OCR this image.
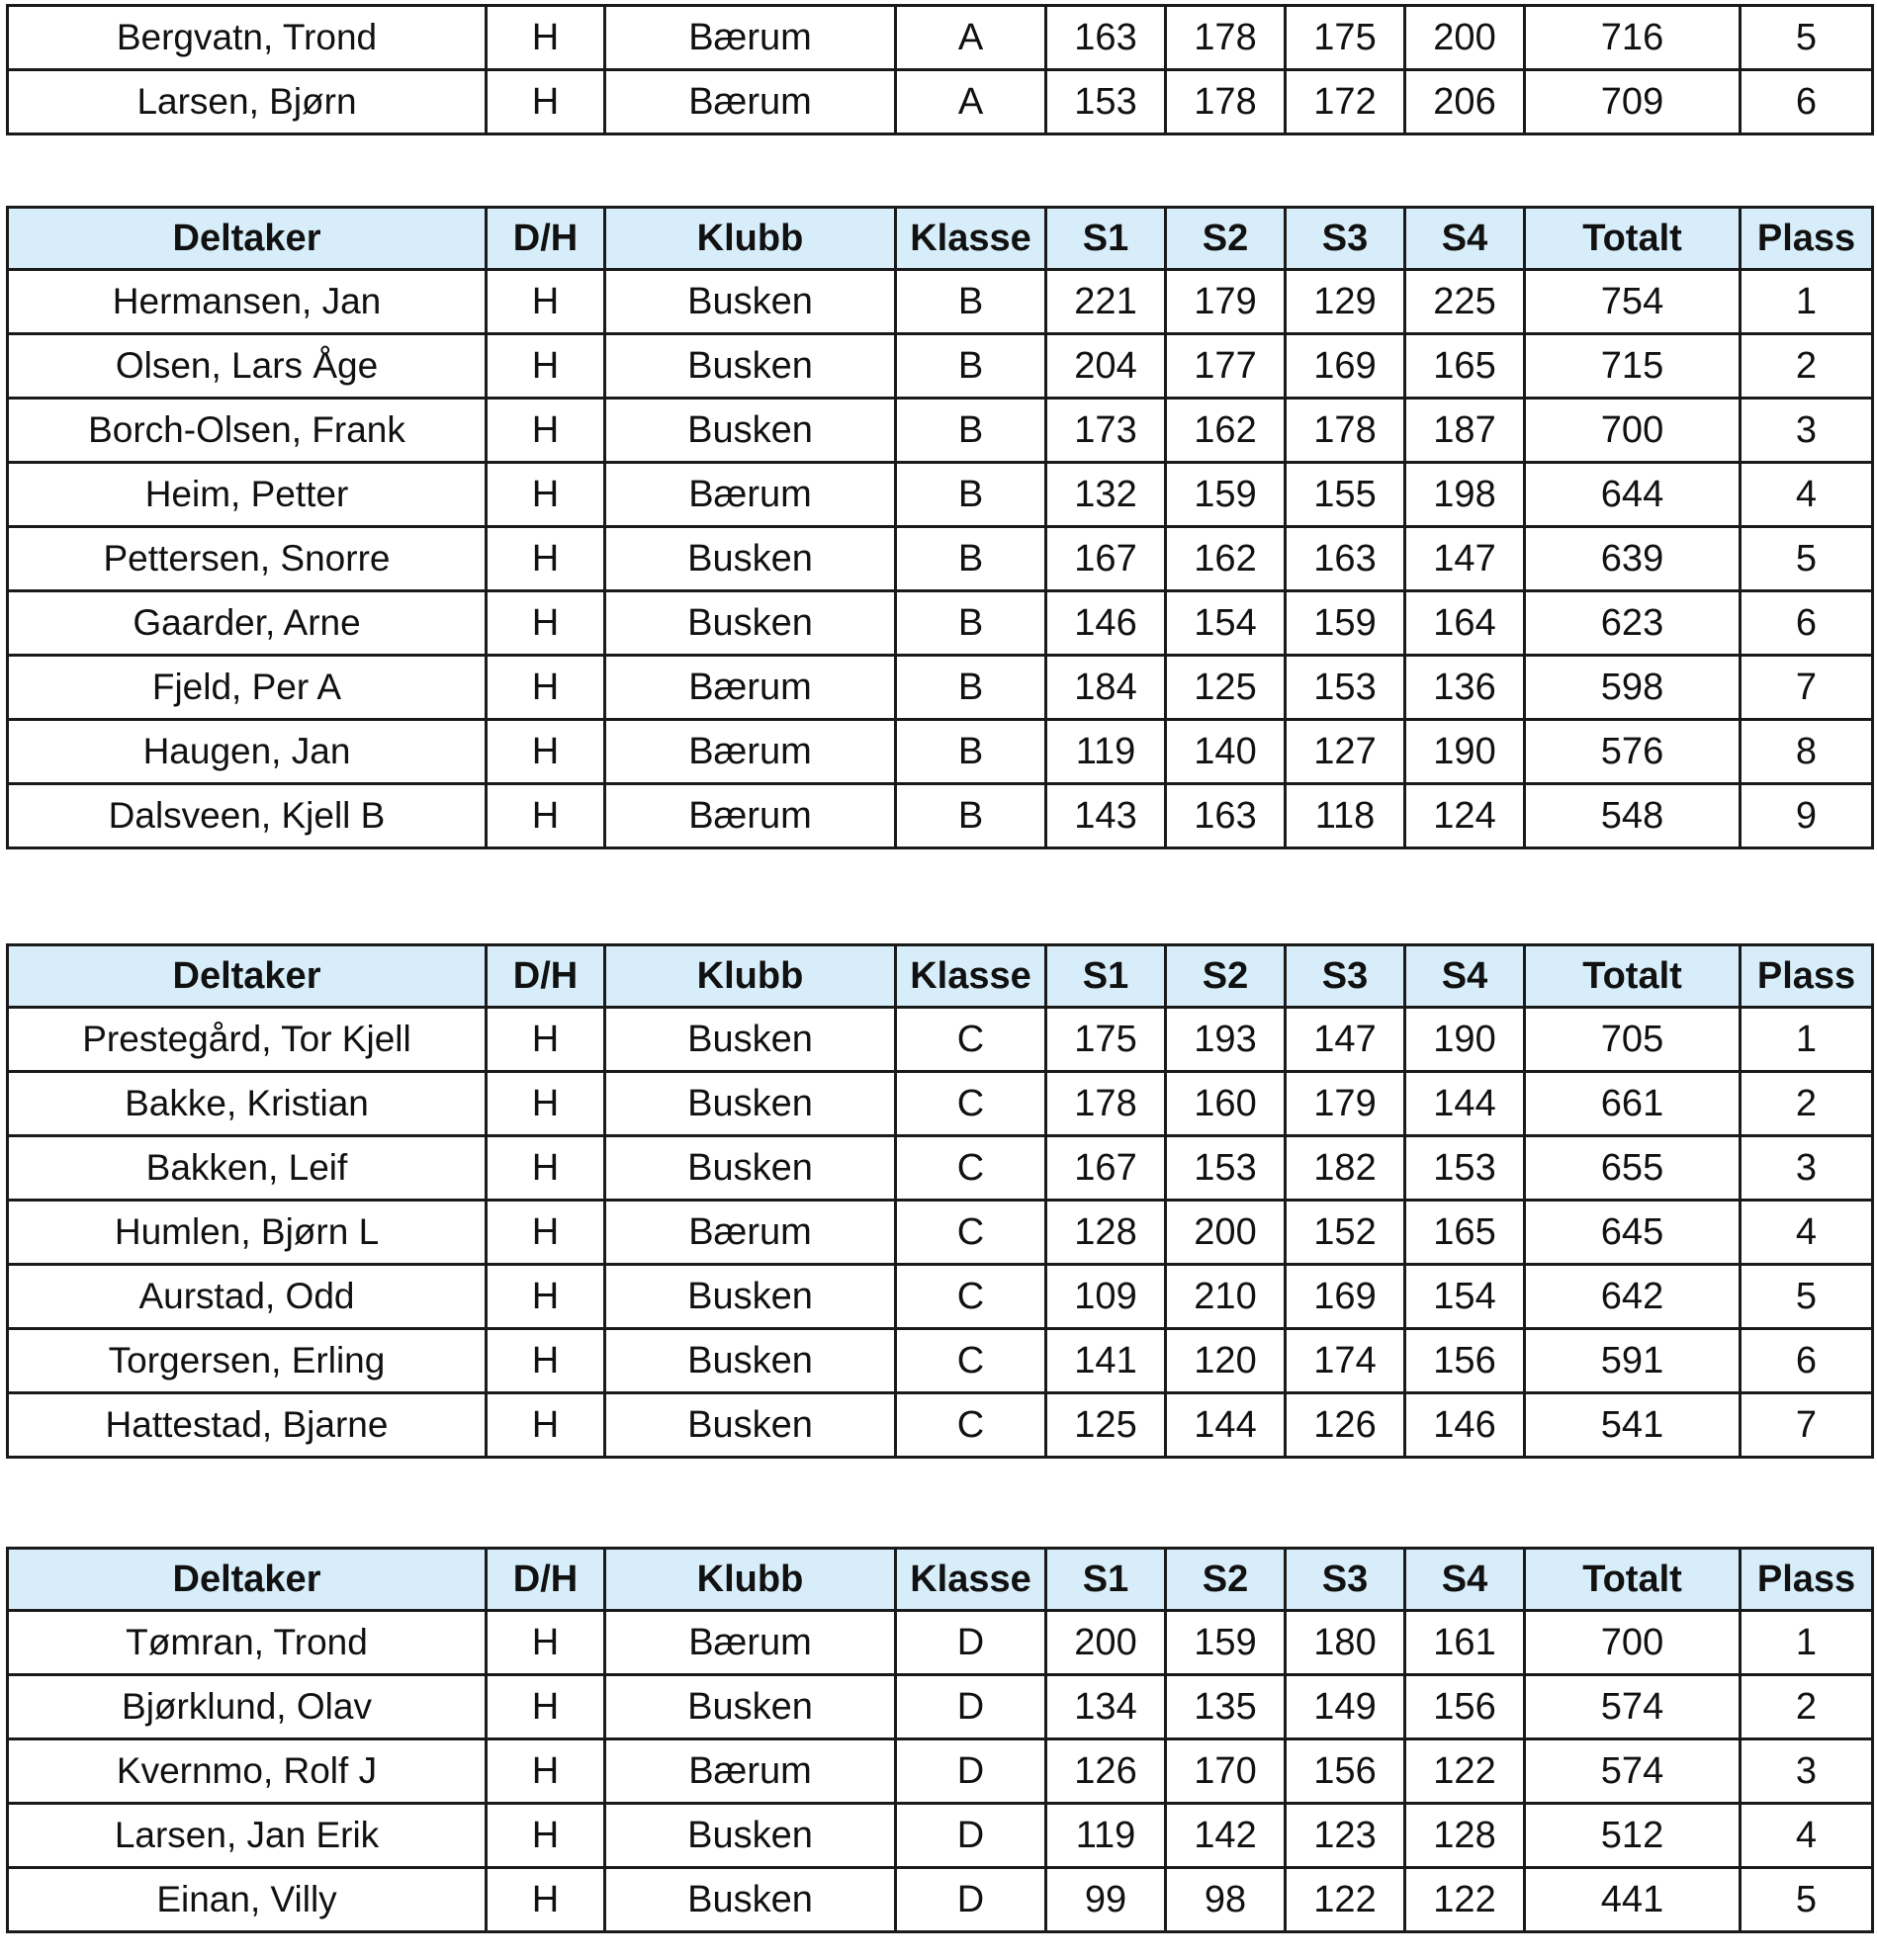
Bergvatn, Trond	H	Bærum	A	163	178	175	200	716	5
Larsen, Bjørn	H	Bærum	A	153	178	172	206	709	6
Deltaker	D/H	Klubb	Klasse	S1	S2	S3	S4	Totalt	Plass
Hermansen, Jan	H	Busken	B	221	179	129	225	754	1
Olsen, Lars Åge	H	Busken	B	204	177	169	165	715	2
Borch-Olsen, Frank	H	Busken	B	173	162	178	187	700	3
Heim, Petter	H	Bærum	B	132	159	155	198	644	4
Pettersen, Snorre	H	Busken	B	167	162	163	147	639	5
Gaarder, Arne	H	Busken	B	146	154	159	164	623	6
Fjeld, Per A	H	Bærum	B	184	125	153	136	598	7
Haugen, Jan	H	Bærum	B	119	140	127	190	576	8
Dalsveen, Kjell B	H	Bærum	B	143	163	118	124	548	9
Deltaker	D/H	Klubb	Klasse	S1	S2	S3	S4	Totalt	Plass
Prestegård, Tor Kjell	H	Busken	C	175	193	147	190	705	1
Bakke, Kristian	H	Busken	C	178	160	179	144	661	2
Bakken, Leif	H	Busken	C	167	153	182	153	655	3
Humlen, Bjørn L	H	Bærum	C	128	200	152	165	645	4
Aurstad, Odd	H	Busken	C	109	210	169	154	642	5
Torgersen, Erling	H	Busken	C	141	120	174	156	591	6
Hattestad, Bjarne	H	Busken	C	125	144	126	146	541	7
Deltaker	D/H	Klubb	Klasse	S1	S2	S3	S4	Totalt	Plass
Tømran, Trond	H	Bærum	D	200	159	180	161	700	1
Bjørklund, Olav	H	Busken	D	134	135	149	156	574	2
Kvernmo, Rolf J	H	Bærum	D	126	170	156	122	574	3
Larsen, Jan Erik	H	Busken	D	119	142	123	128	512	4
Einan, Villy	H	Busken	D	99	98	122	122	441	5
